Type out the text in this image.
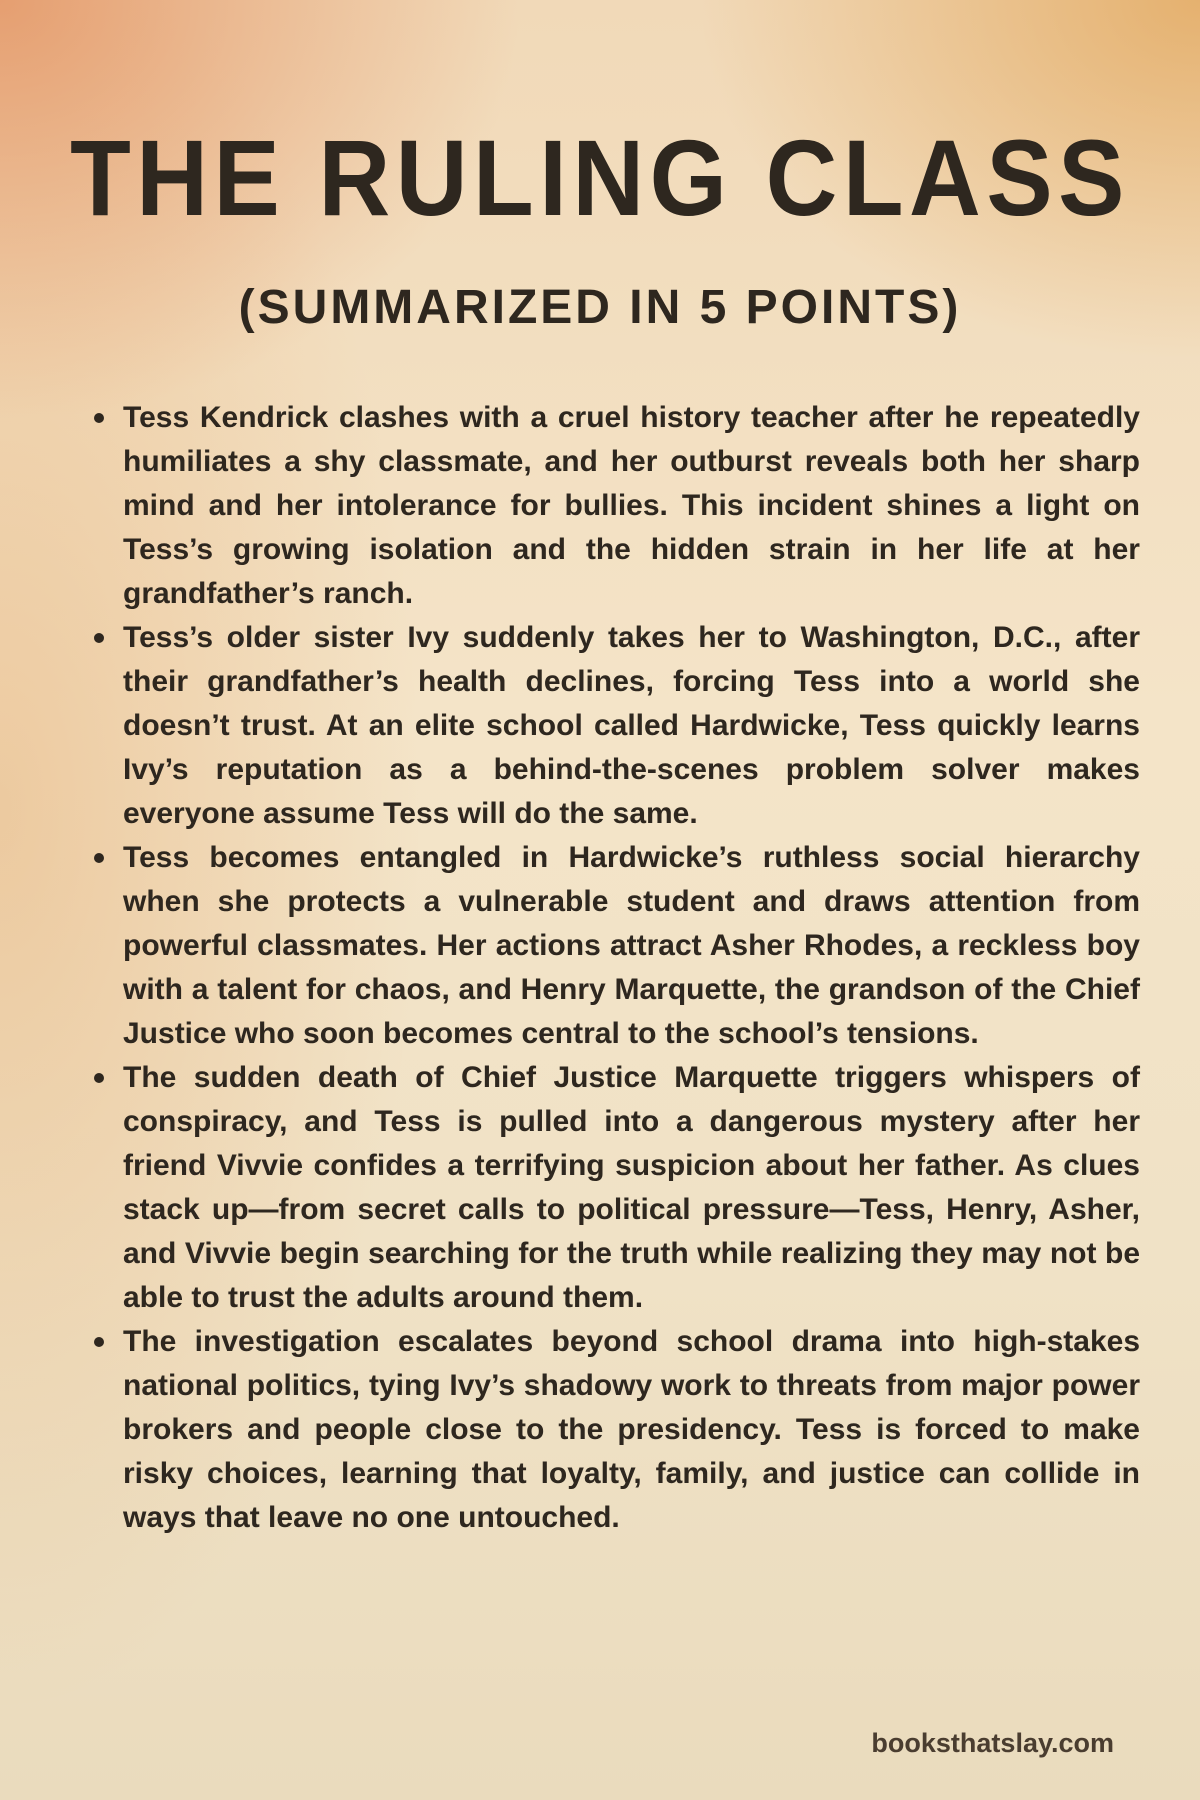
THE RULING CLASS
(SUMMARIZED IN 5 POINTS)
Tess Kendrick clashes with a cruel history teacher after he repeatedly humiliates a shy classmate, and her outburst reveals both her sharp mind and her intolerance for bullies. This incident shines a light on Tess’s growing isolation and the hidden strain in her life at her grandfather’s ranch.
Tess’s older sister Ivy suddenly takes her to Washington, D.C., after their grandfather’s health declines, forcing Tess into a world she doesn’t trust. At an elite school called Hardwicke, Tess quickly learns Ivy’s reputation as a behind-the-scenes problem solver makes everyone assume Tess will do the same.
Tess becomes entangled in Hardwicke’s ruthless social hierarchy when she protects a vulnerable student and draws attention from powerful classmates. Her actions attract Asher Rhodes, a reckless boy with a talent for chaos, and Henry Marquette, the grandson of the Chief Justice who soon becomes central to the school’s tensions.
The sudden death of Chief Justice Marquette triggers whispers of conspiracy, and Tess is pulled into a dangerous mystery after her friend Vivvie confides a terrifying suspicion about her father. As clues stack up—from secret calls to political pressure—Tess, Henry, Asher, and Vivvie begin searching for the truth while realizing they may not be able to trust the adults around them.
The investigation escalates beyond school drama into high-stakes national politics, tying Ivy’s shadowy work to threats from major power brokers and people close to the presidency. Tess is forced to make risky choices, learning that loyalty, family, and justice can collide in ways that leave no one untouched.
booksthatslay.com
